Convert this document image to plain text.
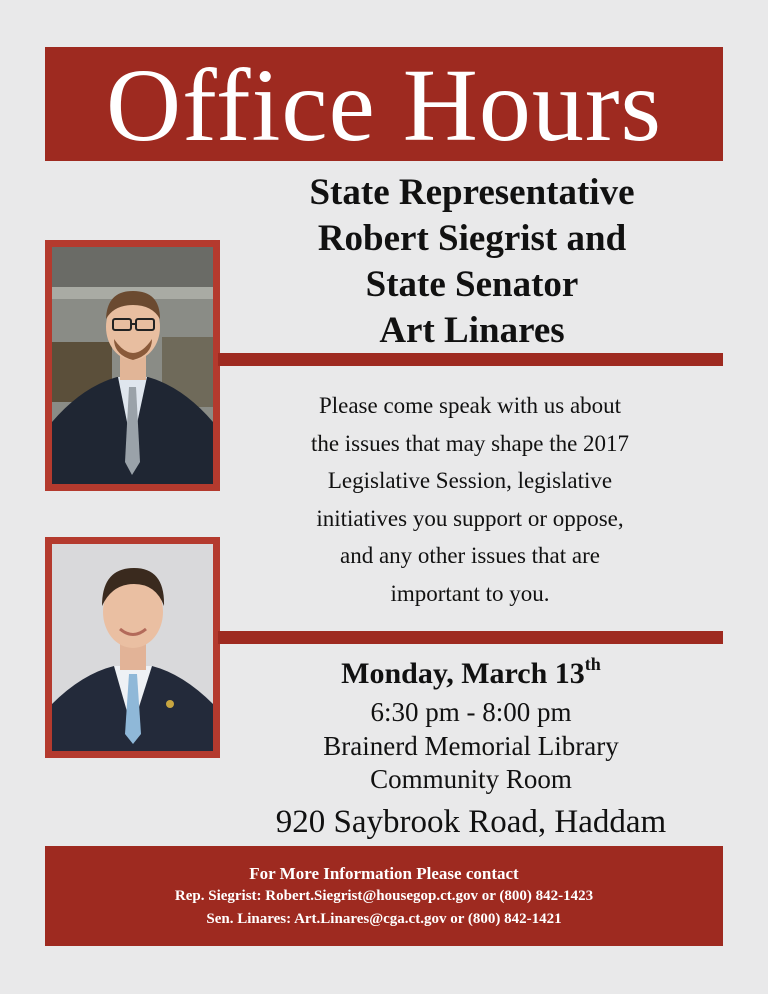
Office Hours
State Representative
Robert Siegrist and
State Senator
Art Linares
Please come speak with us about
the issues that may shape the 2017
Legislative Session, legislative
initiatives you support or oppose,
and any other issues that are
important to you.
Monday, March 13th
6:30 pm - 8:00 pm
Brainerd Memorial Library
Community Room
920 Saybrook Road, Haddam
For More Information Please contact
Rep. Siegrist: Robert.Siegrist@housegop.ct.gov or (800) 842-1423
Sen. Linares: Art.Linares@cga.ct.gov or (800) 842-1421
